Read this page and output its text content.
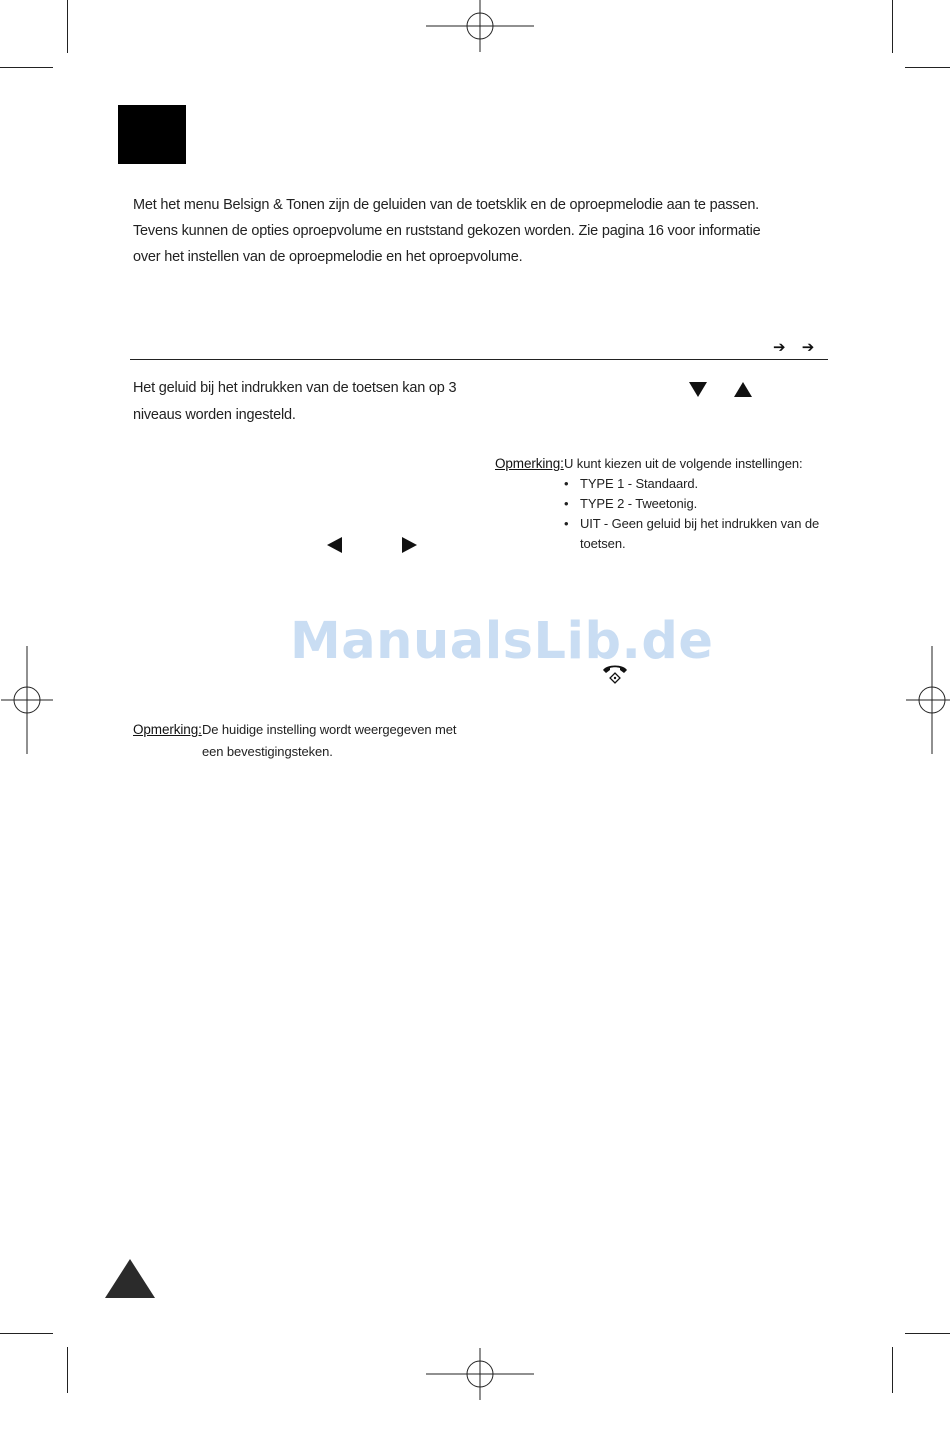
Met het menu Belsign & Tonen zijn de geluiden van de toetsklik en de oproepmelodie aan te passen.

Tevens kunnen de opties oproepvolume en ruststand gekozen worden. Zie pagina 16 voor informatie

over het instellen van de oproepmelodie en het oproepvolume.

➔ ➔

Het geluid bij het indrukken van de toetsen kan op 3

niveaus worden ingesteld.

Opmerking: U kunt kiezen uit de volgende instellingen:
• TYPE 1 - Standaard.
• TYPE 2 - Tweetonig.
• UIT - Geen geluid bij het indrukken van de toetsen.
ManualsLib.de
Opmerking: De huidige instelling wordt weergegeven met
een bevestigingsteken.
